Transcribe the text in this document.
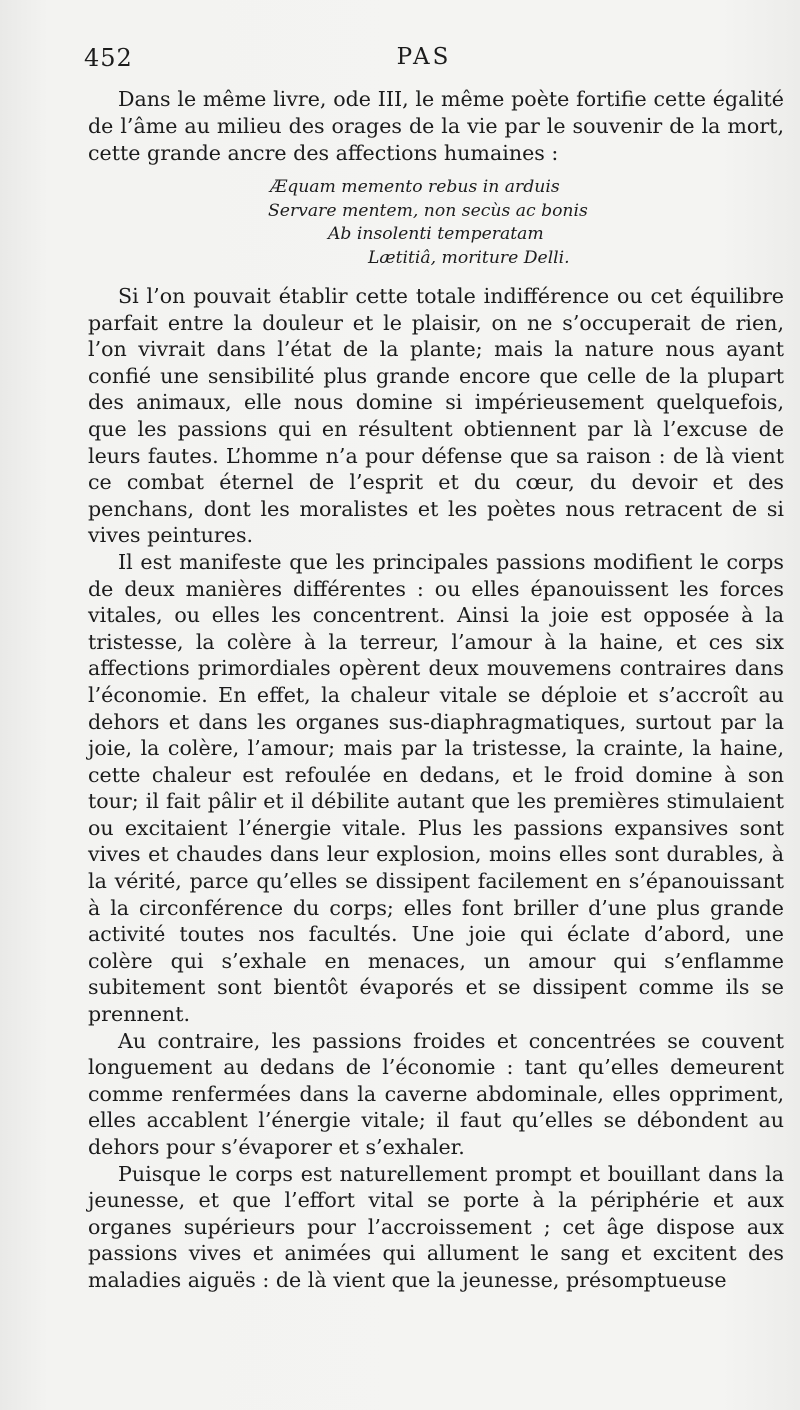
452	PAS
Dans le même livre, ode III, le même poète fortifie cette égalité de l’âme au milieu des orages de la vie par le souvenir de la mort, cette grande ancre des affections humaines :
Æquam memento rebus in arduis
Servare mentem, non secùs ac bonis
Ab insolenti temperatam
Lætitiâ, moriture Delli.

Si l’on pouvait établir cette totale indifférence ou cet équilibre parfait entre la douleur et le plaisir, on ne s’occuperait de rien, l’on vivrait dans l’état de la plante; mais la nature nous ayant confié une sensibilité plus grande encore que celle de la plupart des animaux, elle nous domine si impérieusement quelquefois, que les passions qui en résultent obtiennent par là l’excuse de leurs fautes. L’homme n’a pour défense que sa raison : de là vient ce combat éternel de l’esprit et du cœur, du devoir et des penchans, dont les moralistes et les poètes nous retracent de si vives peintures.

Il est manifeste que les principales passions modifient le corps de deux manières différentes : ou elles épanouissent les forces vitales, ou elles les concentrent. Ainsi la joie est opposée à la tristesse, la colère à la terreur, l’amour à la haine, et ces six affections primordiales opèrent deux mouvemens contraires dans l’économie. En effet, la chaleur vitale se déploie et s’accroît au dehors et dans les organes sus-diaphragmatiques, surtout par la joie, la colère, l’amour; mais par la tristesse, la crainte, la haine, cette chaleur est refoulée en dedans, et le froid domine à son tour; il fait pâlir et il débilite autant que les premières stimulaient ou excitaient l’énergie vitale. Plus les passions expansives sont vives et chaudes dans leur explosion, moins elles sont durables, à la vérité, parce qu’elles se dissipent facilement en s’épanouissant à la circonférence du corps; elles font briller d’une plus grande activité toutes nos facultés. Une joie qui éclate d’abord, une colère qui s’exhale en menaces, un amour qui s’enflamme subitement sont bientôt évaporés et se dissipent comme ils se prennent.

Au contraire, les passions froides et concentrées se couvent longuement au dedans de l’économie : tant qu’elles demeurent comme renfermées dans la caverne abdominale, elles oppriment, elles accablent l’énergie vitale; il faut qu’elles se débondent au dehors pour s’évaporer et s’exhaler.

Puisque le corps est naturellement prompt et bouillant dans la jeunesse, et que l’effort vital se porte à la périphérie et aux organes supérieurs pour l’accroissement ; cet âge dispose aux passions vives et animées qui allument le sang et excitent des maladies aiguës : de là vient que la jeunesse, présomptueuse
